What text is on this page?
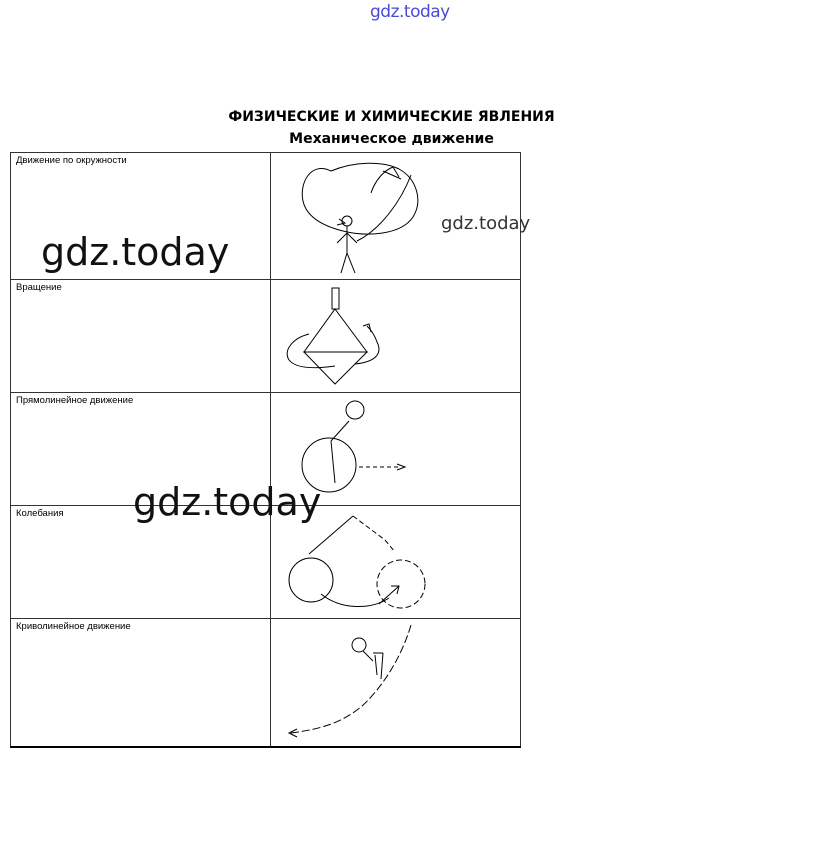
gdz.today
ФИЗИЧЕСКИЕ И ХИМИЧЕСКИЕ ЯВЛЕНИЯ
Механическое движение
Движение по окружности	

Вращение	

Прямолинейное движение	

Колебания	

Криволинейное движение	
gdz.today
gdz.today
gdz.today
